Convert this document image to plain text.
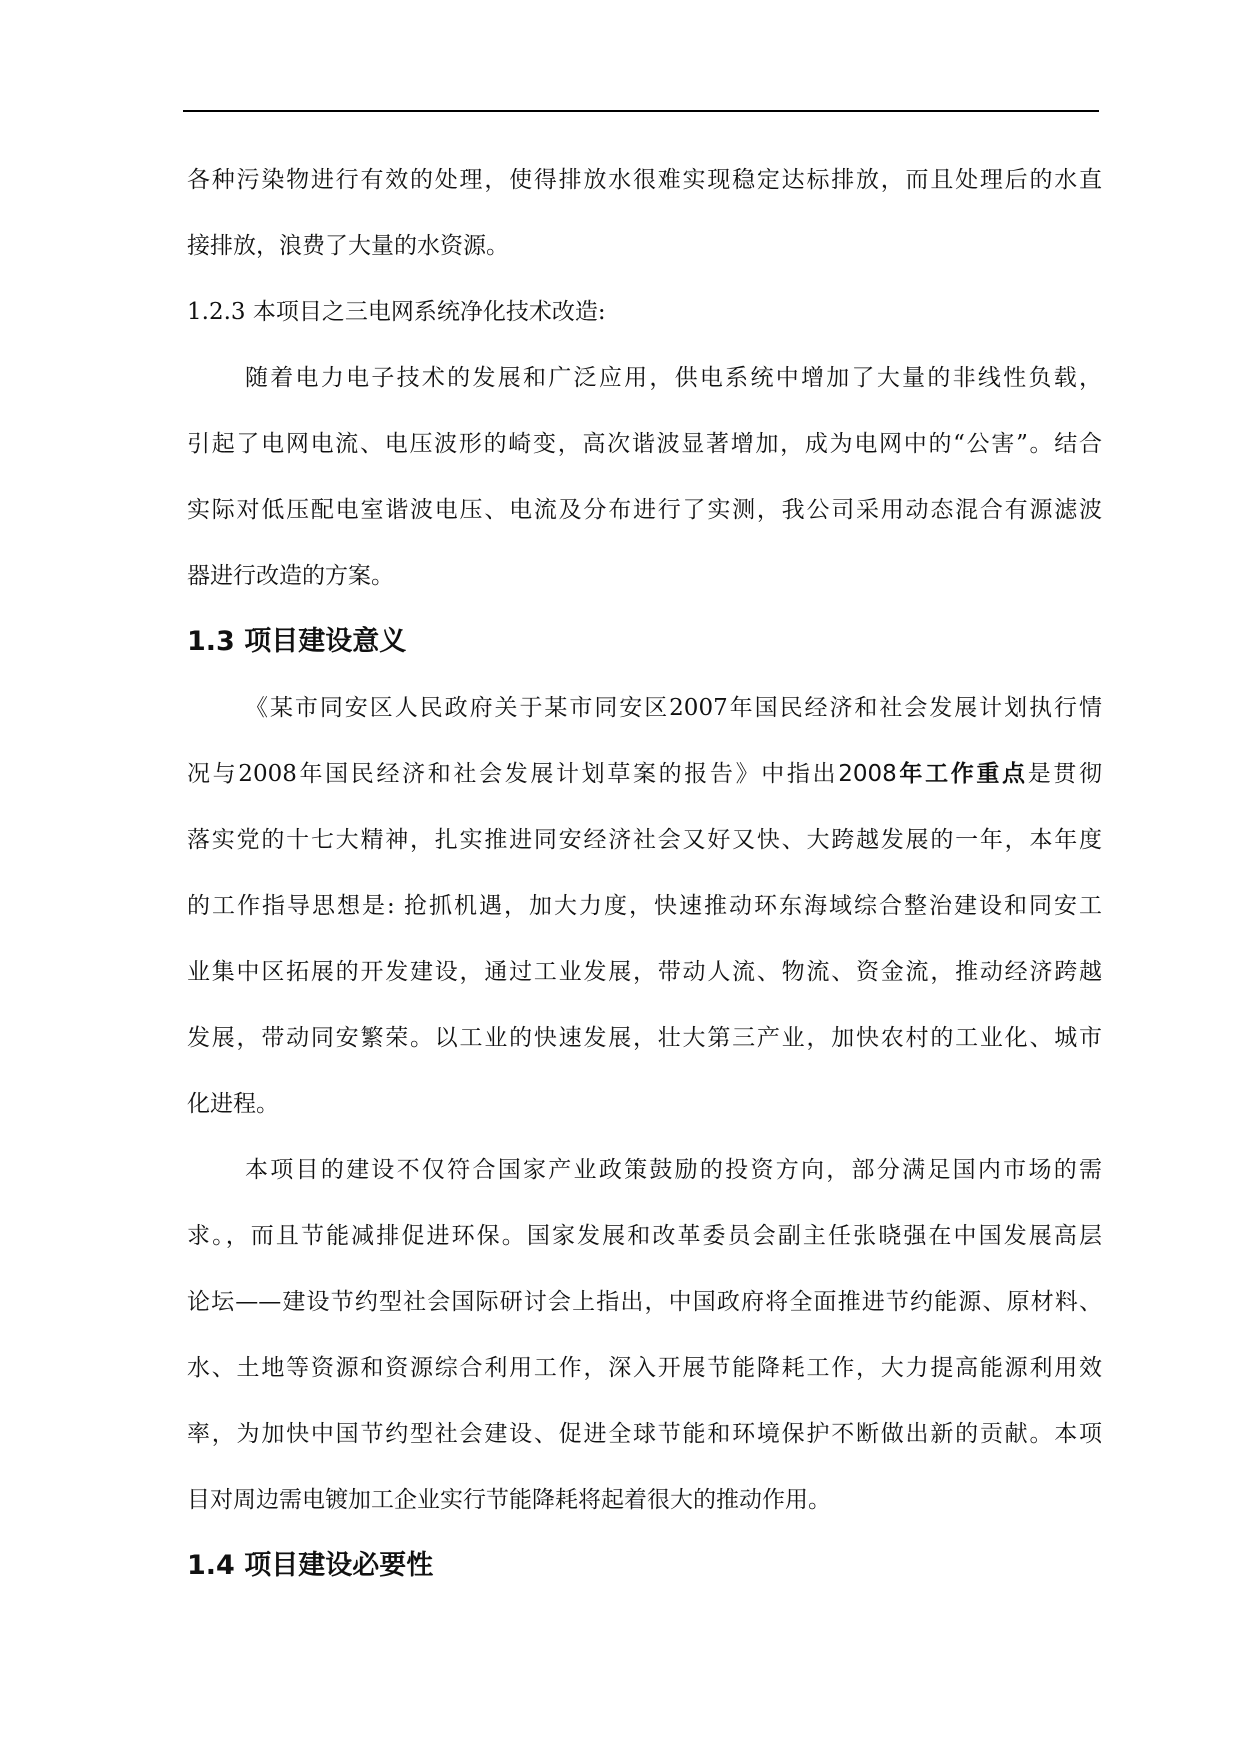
各种污染物进行有效的处理，使得排放水很难实现稳定达标排放，而且处理后的水直
接排放，浪费了大量的水资源。
1.2.3 本项目之三电网系统净化技术改造:
随着电力电子技术的发展和广泛应用，供电系统中增加了大量的非线性负载，
引起了电网电流、电压波形的崎变，高次谐波显著增加，成为电网中的“公害”。结合
实际对低压配电室谐波电压、电流及分布进行了实测，我公司采用动态混合有源滤波
器进行改造的方案。
1.3 项目建设意义
《某市同安区人民政府关于某市同安区2007年国民经济和社会发展计划执行情
况与2008年国民经济和社会发展计划草案的报告》中指出2008年工作重点是贯彻
落实党的十七大精神，扎实推进同安经济社会又好又快、大跨越发展的一年，本年度
的工作指导思想是: 抢抓机遇，加大力度，快速推动环东海域综合整治建设和同安工
业集中区拓展的开发建设，通过工业发展，带动人流、物流、资金流，推动经济跨越
发展，带动同安繁荣。以工业的快速发展，壮大第三产业，加快农村的工业化、城市
化进程。
本项目的建设不仅符合国家产业政策鼓励的投资方向，部分满足国内市场的需
求。，而且节能减排促进环保。国家发展和改革委员会副主任张晓强在中国发展高层
论坛——建设节约型社会国际研讨会上指出，中国政府将全面推进节约能源、原材料、
水、土地等资源和资源综合利用工作，深入开展节能降耗工作，大力提高能源利用效
率，为加快中国节约型社会建设、促进全球节能和环境保护不断做出新的贡献。本项
目对周边需电镀加工企业实行节能降耗将起着很大的推动作用。
1.4 项目建设必要性
